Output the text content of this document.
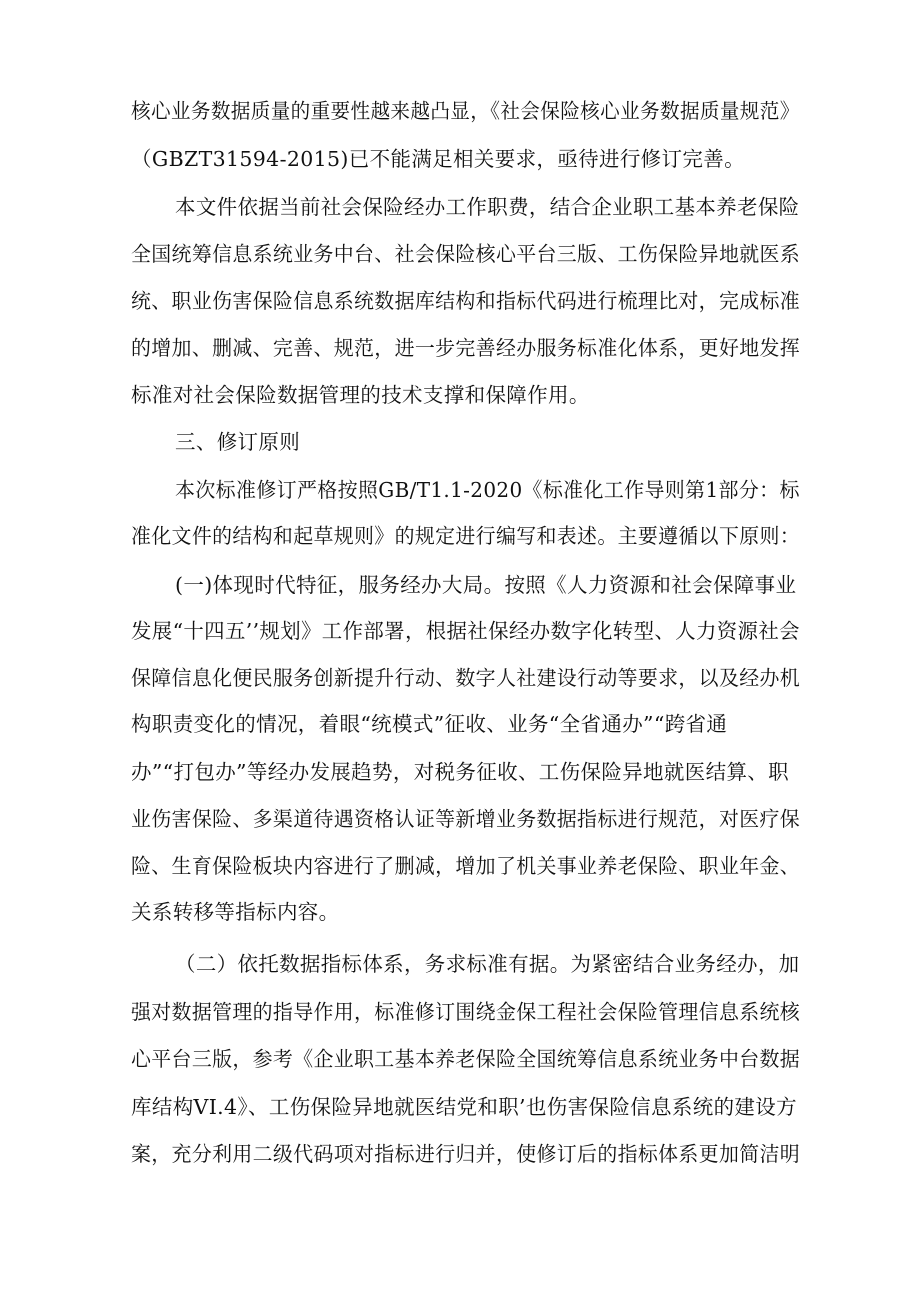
核心业务数据质量的重要性越来越凸显，《社会保险核心业务数据质量规范》
（GBZT31594-2015)已不能满足相关要求，亟待进行修订完善。
本文件依据当前社会保险经办工作职费，结合企业职工基本养老保险
全国统筹信息系统业务中台、社会保险核心平台三版、工伤保险异地就医系
统、职业伤害保险信息系统数据库结构和指标代码进行梳理比对，完成标准
的增加、删减、完善、规范，进一步完善经办服务标准化体系，更好地发挥
标准对社会保险数据管理的技术支撑和保障作用。
三、修订原则
本次标准修订严格按照GB/T1.1-2020《标准化工作导则第1部分：标
准化文件的结构和起草规则》的规定进行编写和表述。主要遵循以下原则：
(一)体现时代特征，服务经办大局。按照《人力资源和社会保障事业
发展“十四五’’规划》工作部署，根据社保经办数字化转型、人力资源社会
保障信息化便民服务创新提升行动、数字人社建设行动等要求，以及经办机
构职责变化的情况，着眼“统模式”征收、业务“全省通办”“跨省通
办”“打包办”等经办发展趋势，对税务征收、工伤保险异地就医结算、职
业伤害保险、多渠道待遇资格认证等新增业务数据指标进行规范，对医疗保
险、生育保险板块内容进行了删减，增加了机关事业养老保险、职业年金、
关系转移等指标内容。
（二）依托数据指标体系，务求标准有据。为紧密结合业务经办，加
强对数据管理的指导作用，标准修订围绕金保工程社会保险管理信息系统核
心平台三版，参考《企业职工基本养老保险全国统筹信息系统业务中台数据
库结构VI.4》、工伤保险异地就医结党和职’也伤害保险信息系统的建设方
案，充分利用二级代码项对指标进行归并，使修订后的指标体系更加简洁明
